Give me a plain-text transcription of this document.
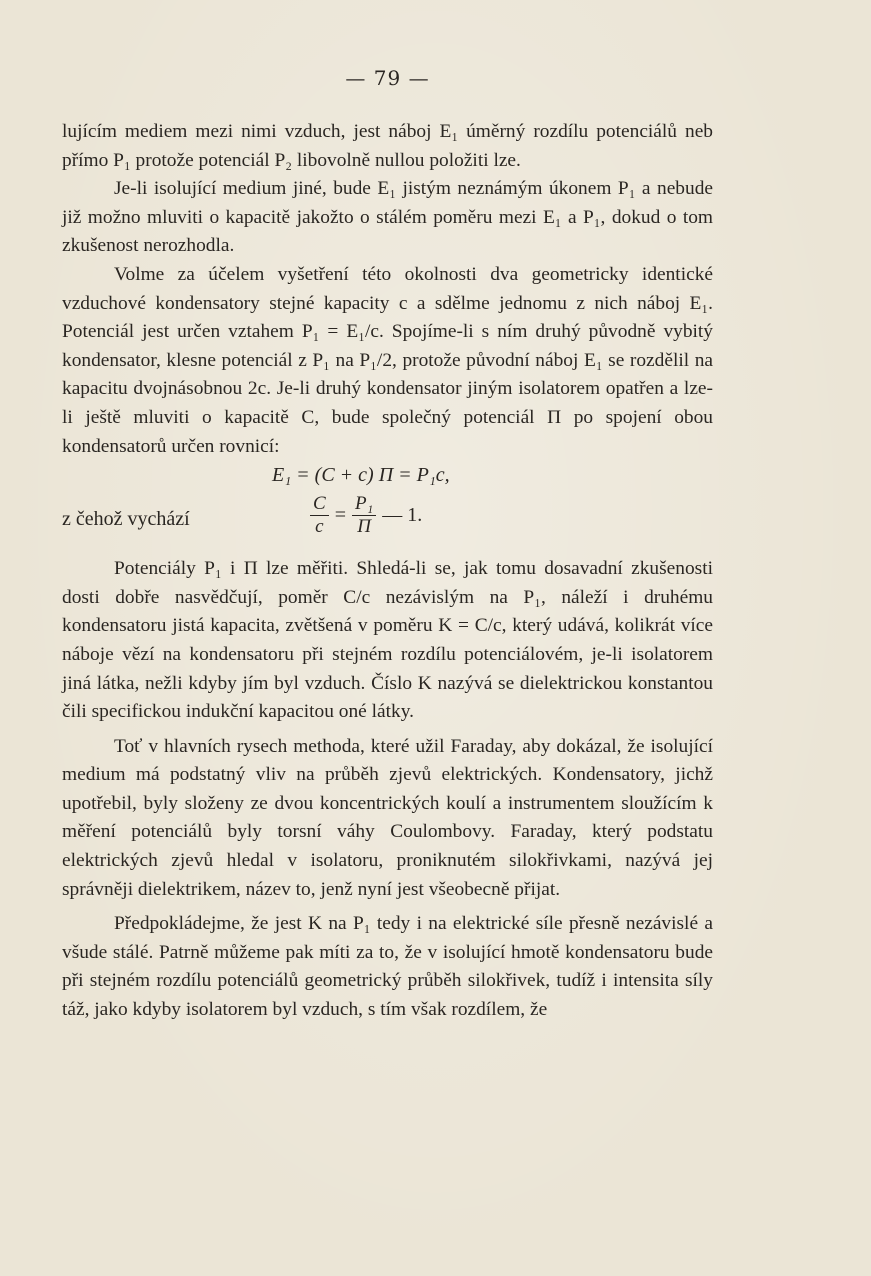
— 79 —

lujícím mediem mezi nimi vzduch, jest náboj E₁ úměrný rozdílu potenciálů neb přímo P₁ protože potenciál P₂ libovolně nullou položiti lze.

Je-li isolující medium jiné, bude E₁ jistým neznámým úkonem P₁ a nebude již možno mluviti o kapacitě jakožto o stálém poměru mezi E₁ a P₁, dokud o tom zkušenost nerozhodla.

Volme za účelem vyšetření této okolnosti dva geometricky identické vzduchové kondensatory stejné kapacity c a sdělme jednomu z nich náboj E₁. Potenciál jest určen vztahem P₁ = E₁/c. Spojíme-li s ním druhý původně vybitý kondensator, klesne potenciál z P₁ na P₁/2, protože původní náboj E₁ se rozdělil na kapacitu dvojnásobnou 2c. Je-li druhý kondensator jiným isolatorem opatřen a lze-li ještě mluviti o kapacitě C, bude společný potenciál Π po spojení obou kondensatorů určen rovnicí:

E₁ = (C + c) Π = P₁c,
z čehož vychází	$\frac{C}{c} = \frac{\text{P₁}}{\Pi}$ — 1.

Potenciály P₁ i Π lze měřiti. Shledá-li se, jak tomu dosavadní zkušenosti dosti dobře nasvědčují, poměr C/c nezávislým na P₁, náleží i druhému kondensatoru jistá kapacita, zvětšená v poměru K = C/c, který udává, kolikrát více náboje vězí na kondensatoru při stejném rozdílu potenciálovém, je-li isolatorem jiná látka, nežli kdyby jím byl vzduch. Číslo K nazývá se dielektrickou konstantou čili specifickou indukční kapacitou oné látky.

Toť v hlavních rysech methoda, které užil Faraday, aby dokázal, že isolující medium má podstatný vliv na průběh zjevů elektrických. Kondensatory, jichž upotřebil, byly složeny ze dvou koncentrických koulí a instrumentem sloužícím k měření potenciálů byly torsní váhy Coulombovy. Faraday, který podstatu elektrických zjevů hledal v isolatoru, proniknutém silokřivkami, nazývá jej správněji dielektrikem, název to, jenž nyní jest všeobecně přijat.

Předpokládejme, že jest K na P₁ tedy i na elektrické síle přesně nezávislé a všude stálé. Patrně můžeme pak míti za to, že v isolující hmotě kondensatoru bude při stejném rozdílu potenciálů geometrický průběh silokřivek, tudíž i intensita síly táž, jako kdyby isolatorem byl vzduch, s tím však rozdílem, že
